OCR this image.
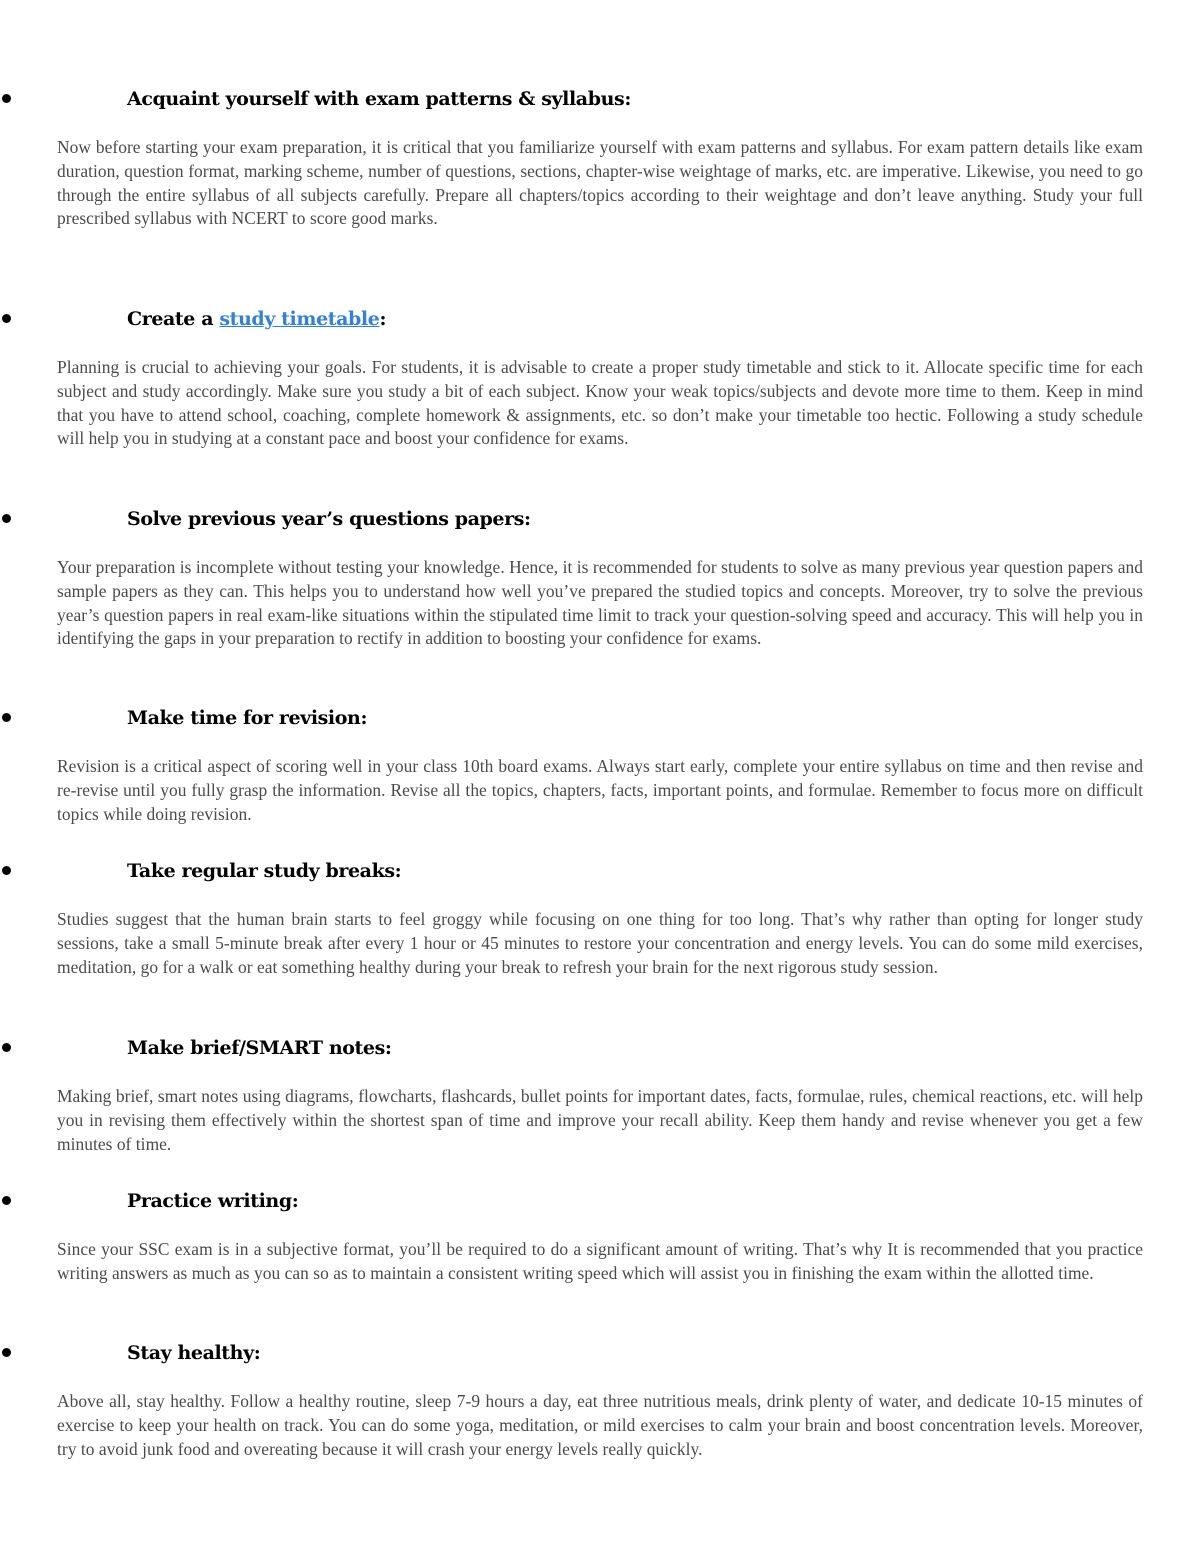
Acquaint yourself with exam patterns & syllabus:

Now before starting your exam preparation, it is critical that you familiarize yourself with exam patterns and syllabus. For exam pattern details like exam duration, question format, marking scheme, number of questions, sections, chapter-wise weightage of marks, etc. are imperative. Likewise, you need to go through the entire syllabus of all subjects carefully. Prepare all chapters/topics according to their weightage and don’t leave anything. Study your full prescribed syllabus with NCERT to score good marks.

Create a study timetable:

Planning is crucial to achieving your goals. For students, it is advisable to create a proper study timetable and stick to it. Allocate specific time for each subject and study accordingly. Make sure you study a bit of each subject. Know your weak topics/subjects and devote more time to them. Keep in mind that you have to attend school, coaching, complete homework & assignments, etc. so don’t make your timetable too hectic. Following a study schedule will help you in studying at a constant pace and boost your confidence for exams.

Solve previous year’s questions papers:

Your preparation is incomplete without testing your knowledge. Hence, it is recommended for students to solve as many previous year question papers and sample papers as they can. This helps you to understand how well you’ve prepared the studied topics and concepts. Moreover, try to solve the previous year’s question papers in real exam-like situations within the stipulated time limit to track your question-solving speed and accuracy. This will help you in identifying the gaps in your preparation to rectify in addition to boosting your confidence for exams.

Make time for revision:

Revision is a critical aspect of scoring well in your class 10th board exams. Always start early, complete your entire syllabus on time and then revise and re-revise until you fully grasp the information. Revise all the topics, chapters, facts, important points, and formulae. Remember to focus more on difficult topics while doing revision.

Take regular study breaks:

Studies suggest that the human brain starts to feel groggy while focusing on one thing for too long. That’s why rather than opting for longer study sessions, take a small 5-minute break after every 1 hour or 45 minutes to restore your concentration and energy levels. You can do some mild exercises, meditation, go for a walk or eat something healthy during your break to refresh your brain for the next rigorous study session.

Make brief/SMART notes:

Making brief, smart notes using diagrams, flowcharts, flashcards, bullet points for important dates, facts, formulae, rules, chemical reactions, etc. will help you in revising them effectively within the shortest span of time and improve your recall ability. Keep them handy and revise whenever you get a few minutes of time.

Practice writing:

Since your SSC exam is in a subjective format, you’ll be required to do a significant amount of writing. That’s why It is recommended that you practice writing answers as much as you can so as to maintain a consistent writing speed which will assist you in finishing the exam within the allotted time.

Stay healthy:

Above all, stay healthy. Follow a healthy routine, sleep 7-9 hours a day, eat three nutritious meals, drink plenty of water, and dedicate 10-15 minutes of exercise to keep your health on track. You can do some yoga, meditation, or mild exercises to calm your brain and boost concentration levels. Moreover, try to avoid junk food and overeating because it will crash your energy levels really quickly.
